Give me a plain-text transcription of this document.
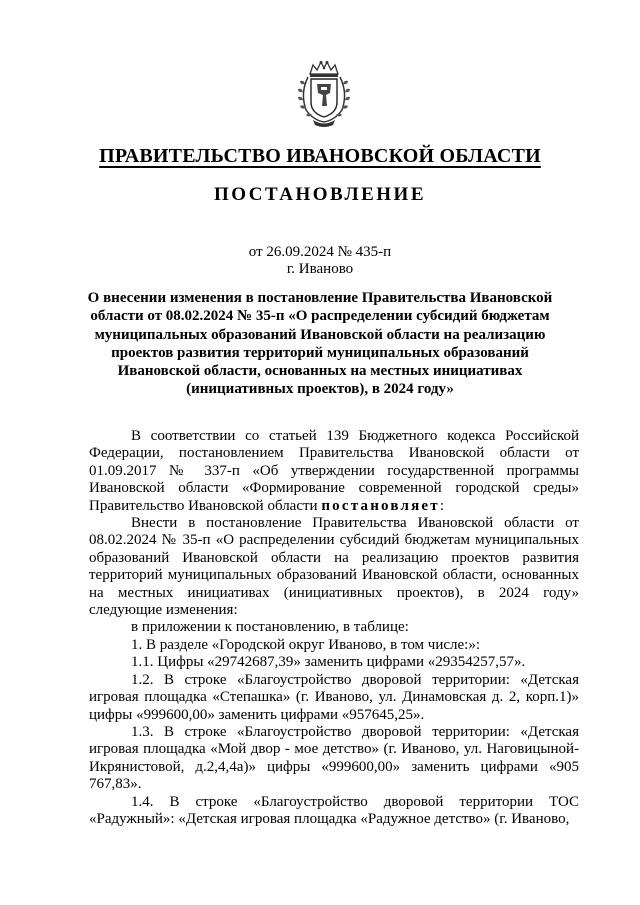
ПРАВИТЕЛЬСТВО ИВАНОВСКОЙ ОБЛАСТИ
ПОСТАНОВЛЕНИЕ
от 26.09.2024 № 435-п
г. Иваново
О внесении изменения в постановление Правительства Ивановской области от 08.02.2024 № 35-п «О распределении субсидий бюджетам муниципальных образований Ивановской области на реализацию проектов развития территорий муниципальных образований Ивановской области, основанных на местных инициативах (инициативных проектов), в 2024 году»

В соответствии со статьей 139 Бюджетного кодекса Российской Федерации, постановлением Правительства Ивановской области от 01.09.2017 № 337-п «Об утверждении государственной программы Ивановской области «Формирование современной городской среды» Правительство Ивановской области постановляет:

Внести в постановление Правительства Ивановской области от 08.02.2024 № 35-п «О распределении субсидий бюджетам муниципальных образований Ивановской области на реализацию проектов развития территорий муниципальных образований Ивановской области, основанных на местных инициативах (инициативных проектов), в 2024 году» следующие изменения:

в приложении к постановлению, в таблице:

1. В разделе «Городской округ Иваново, в том числе:»:

1.1. Цифры «29742687,39» заменить цифрами «29354257,57».

1.2. В строке «Благоустройство дворовой территории: «Детская игровая площадка «Степашка» (г. Иваново, ул. Динамовская д. 2, корп.1)» цифры «999600,00» заменить цифрами «957645,25».

1.3. В строке «Благоустройство дворовой территории: «Детская игровая площадка «Мой двор - мое детство» (г. Иваново, ул. Наговицыной-Икрянистовой, д.2,4,4а)» цифры «999600,00» заменить цифрами «905 767,83».

1.4. В строке «Благоустройство дворовой территории ТОС «Радужный»: «Детская игровая площадка «Радужное детство» (г. Иваново,
